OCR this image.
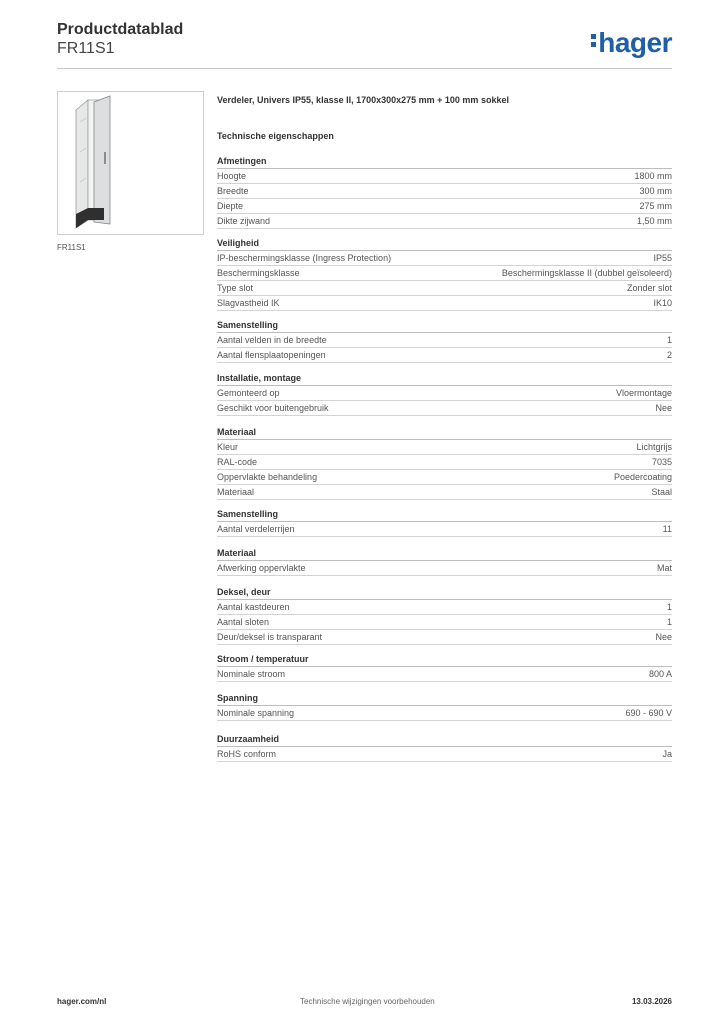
Productdatablad
FR11S1	hager
FR11S1
Verdeler, Univers IP55, klasse II, 1700x300x275 mm + 100 mm sokkel
Technische eigenschappen
Afmetingen
Hoogte	1800 mm
Breedte	300 mm
Diepte	275 mm
Dikte zijwand	1,50 mm
Veiligheid
IP-beschermingsklasse (Ingress Protection)	IP55
Beschermingsklasse	Beschermingsklasse II (dubbel geïsoleerd)
Type slot	Zonder slot
Slagvastheid IK	IK10
Samenstelling
Aantal velden in de breedte	1
Aantal flensplaatopeningen	2
Installatie, montage
Gemonteerd op	Vloermontage
Geschikt voor buitengebruik	Nee
Materiaal
Kleur	Lichtgrijs
RAL-code	7035
Oppervlakte behandeling	Poedercoating
Materiaal	Staal
Samenstelling
Aantal verdelerrijen	11
Materiaal
Afwerking oppervlakte	Mat
Deksel, deur
Aantal kastdeuren	1
Aantal sloten	1
Deur/deksel is transparant	Nee
Stroom / temperatuur
Nominale stroom	800 A
Spanning
Nominale spanning	690 - 690 V
Duurzaamheid
RoHS conform	Ja
hager.com/nl	Technische wijzigingen voorbehouden	13.03.2026
